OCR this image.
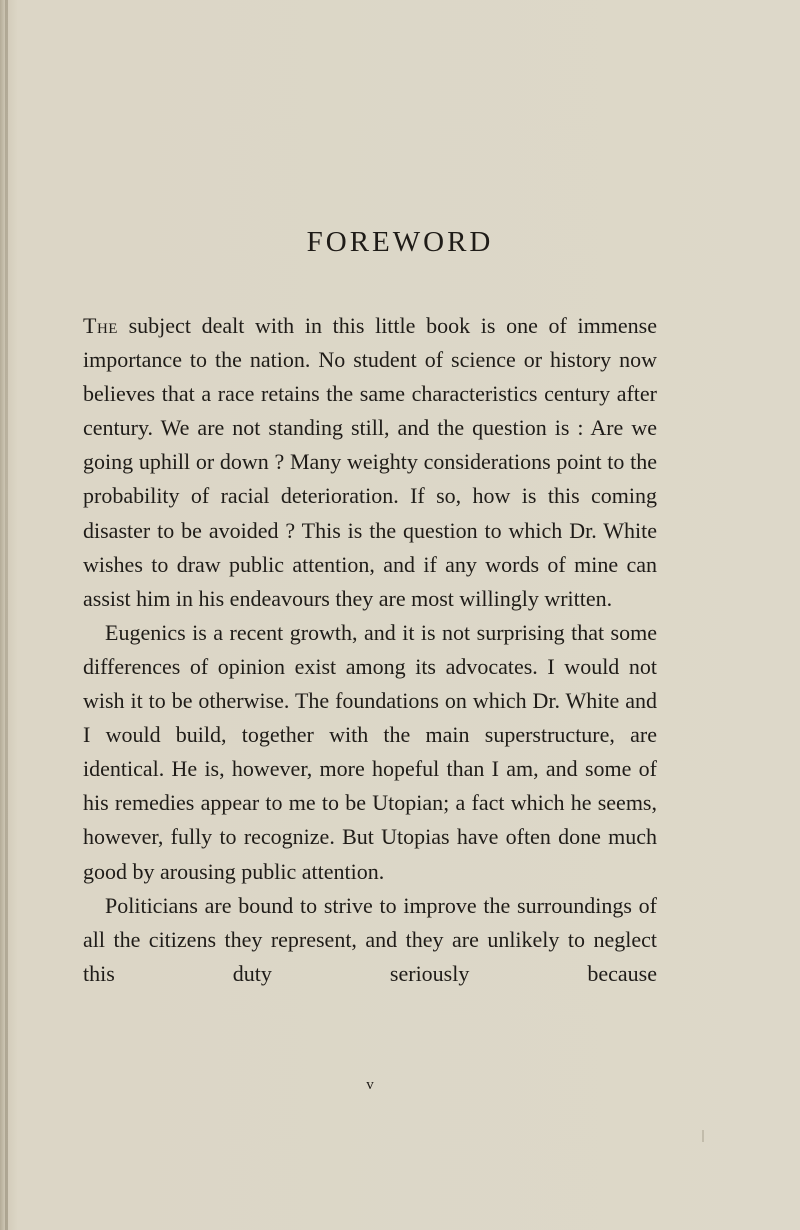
FOREWORD

The subject dealt with in this little book is one of immense importance to the nation. No student of science or history now believes that a race retains the same characteristics century after century. We are not standing still, and the question is : Are we going uphill or down ? Many weighty considerations point to the probability of racial deterioration. If so, how is this coming disaster to be avoided ? This is the question to which Dr. White wishes to draw public attention, and if any words of mine can assist him in his endeavours they are most willingly written.

Eugenics is a recent growth, and it is not surprising that some differences of opinion exist among its advocates. I would not wish it to be otherwise. The foundations on which Dr. White and I would build, together with the main superstructure, are identical. He is, however, more hopeful than I am, and some of his remedies appear to me to be Utopian; a fact which he seems, however, fully to recognize. But Utopias have often done much good by arousing public attention.

Politicians are bound to strive to improve the surroundings of all the citizens they represent, and they are unlikely to neglect this duty seriously because

v
